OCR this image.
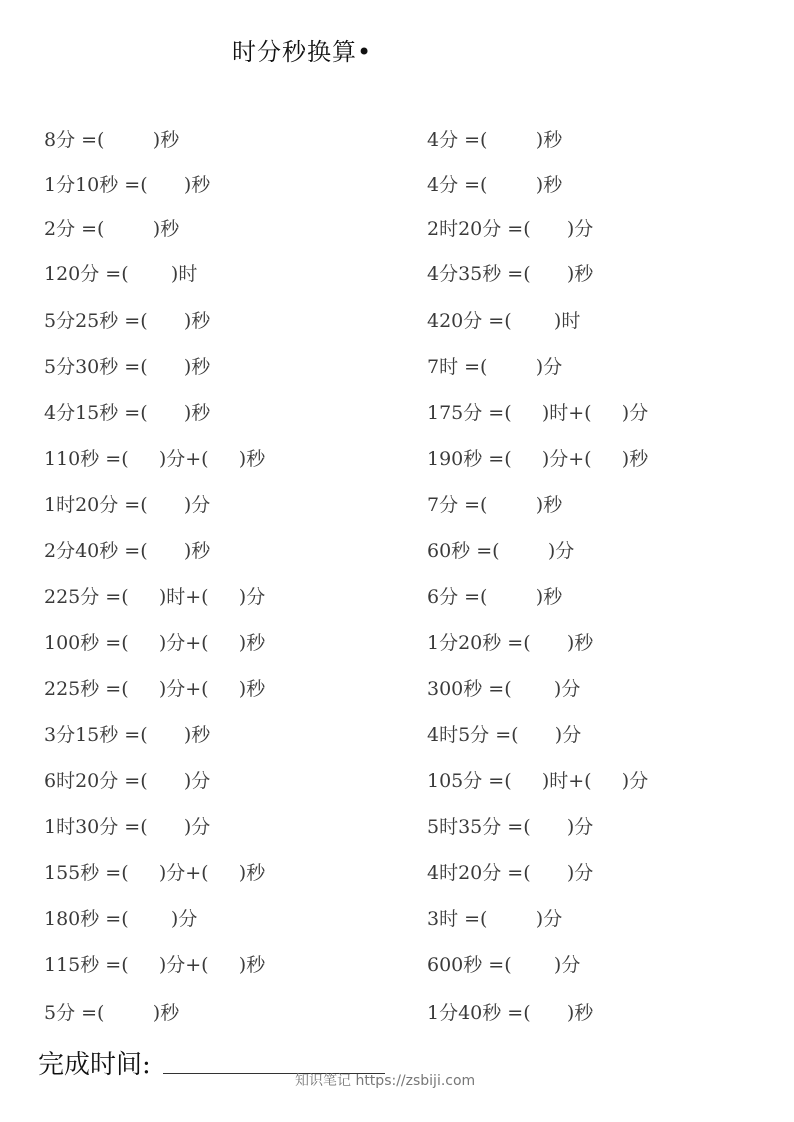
时分秒换算•
8分 =(        )秒
1分10秒 =(      )秒
2分 =(        )秒
120分 =(       )时
5分25秒 =(      )秒
5分30秒 =(      )秒
4分15秒 =(      )秒
110秒 =(     )分+(     )秒
1时20分 =(      )分
2分40秒 =(      )秒
225分 =(     )时+(     )分
100秒 =(     )分+(     )秒
225秒 =(     )分+(     )秒
3分15秒 =(      )秒
6时20分 =(      )分
1时30分 =(      )分
155秒 =(     )分+(     )秒
180秒 =(       )分
115秒 =(     )分+(     )秒
5分 =(        )秒
4分 =(        )秒
4分 =(        )秒
2时20分 =(      )分
4分35秒 =(      )秒
420分 =(       )时
7时 =(        )分
175分 =(     )时+(     )分
190秒 =(     )分+(     )秒
7分 =(        )秒
60秒 =(        )分
6分 =(        )秒
1分20秒 =(      )秒
300秒 =(       )分
4时5分 =(      )分
105分 =(     )时+(     )分
5时35分 =(      )分
4时20分 =(      )分
3时 =(        )分
600秒 =(       )分
1分40秒 =(      )秒
完成时间:
知识笔记 https://zsbiji.com
